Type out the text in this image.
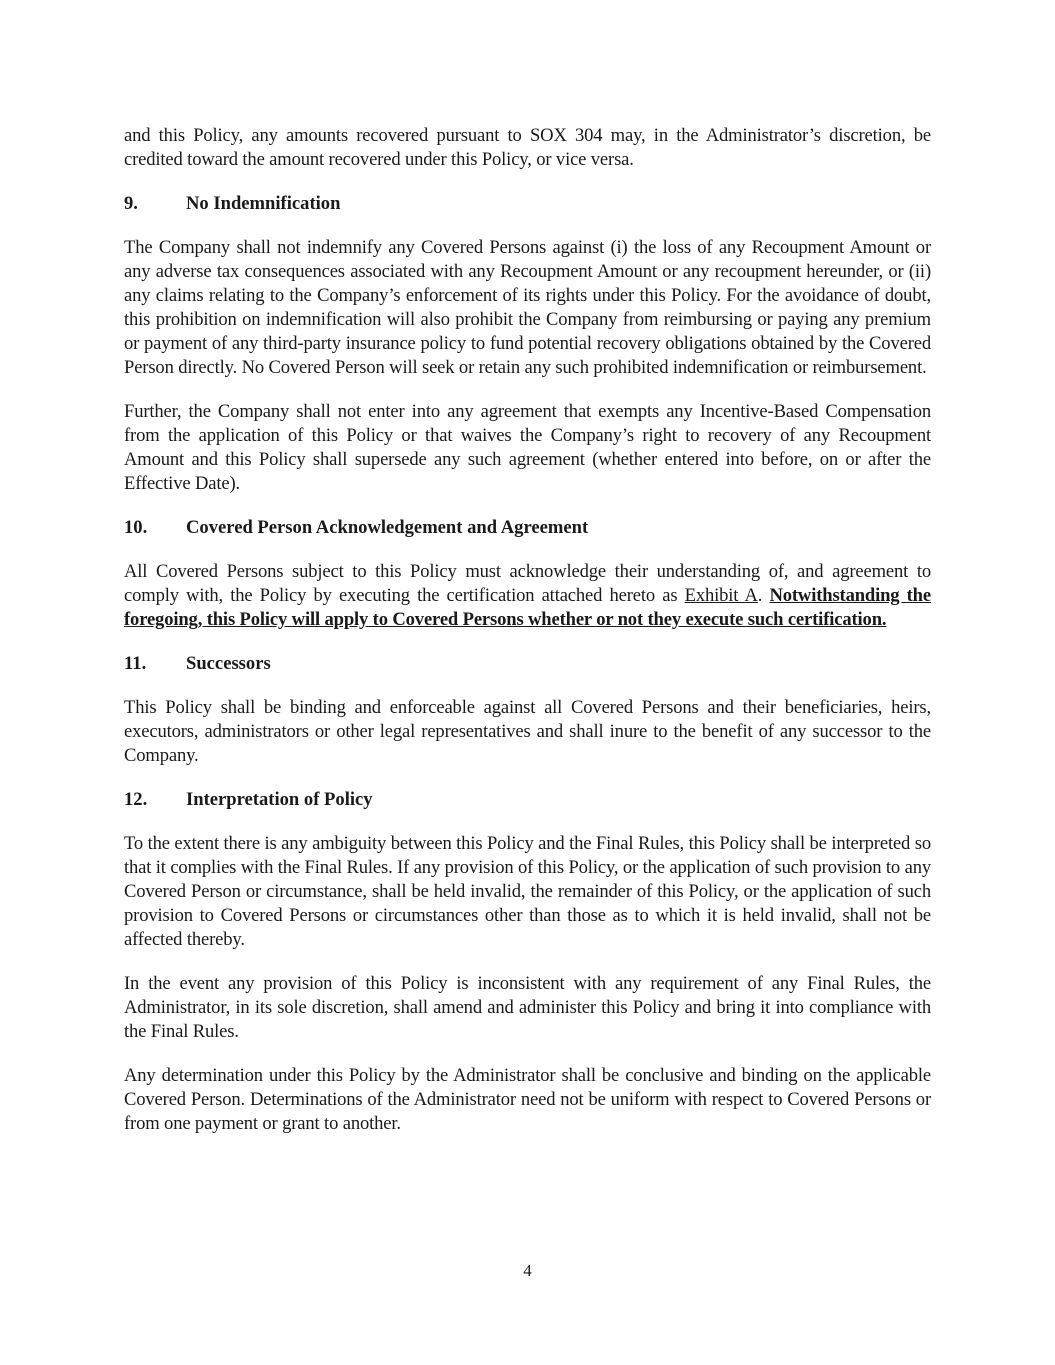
and this Policy, any amounts recovered pursuant to SOX 304 may, in the Administrator’s discretion, be credited toward the amount recovered under this Policy, or vice versa.

9.	No Indemnification

The Company shall not indemnify any Covered Persons against (i) the loss of any Recoupment Amount or any adverse tax consequences associated with any Recoupment Amount or any recoupment hereunder, or (ii) any claims relating to the Company’s enforcement of its rights under this Policy. For the avoidance of doubt, this prohibition on indemnification will also prohibit the Company from reimbursing or paying any premium or payment of any third-party insurance policy to fund potential recovery obligations obtained by the Covered Person directly. No Covered Person will seek or retain any such prohibited indemnification or reimbursement.

Further, the Company shall not enter into any agreement that exempts any Incentive-Based Compensation from the application of this Policy or that waives the Company’s right to recovery of any Recoupment Amount and this Policy shall supersede any such agreement (whether entered into before, on or after the Effective Date).

10.	Covered Person Acknowledgement and Agreement

All Covered Persons subject to this Policy must acknowledge their understanding of, and agreement to comply with, the Policy by executing the certification attached hereto as Exhibit A. Notwithstanding the foregoing, this Policy will apply to Covered Persons whether or not they execute such certification.

11.	Successors

This Policy shall be binding and enforceable against all Covered Persons and their beneficiaries, heirs, executors, administrators or other legal representatives and shall inure to the benefit of any successor to the Company.

12.	Interpretation of Policy

To the extent there is any ambiguity between this Policy and the Final Rules, this Policy shall be interpreted so that it complies with the Final Rules. If any provision of this Policy, or the application of such provision to any Covered Person or circumstance, shall be held invalid, the remainder of this Policy, or the application of such provision to Covered Persons or circumstances other than those as to which it is held invalid, shall not be affected thereby.

In the event any provision of this Policy is inconsistent with any requirement of any Final Rules, the Administrator, in its sole discretion, shall amend and administer this Policy and bring it into compliance with the Final Rules.

Any determination under this Policy by the Administrator shall be conclusive and binding on the applicable Covered Person. Determinations of the Administrator need not be uniform with respect to Covered Persons or from one payment or grant to another.

4
